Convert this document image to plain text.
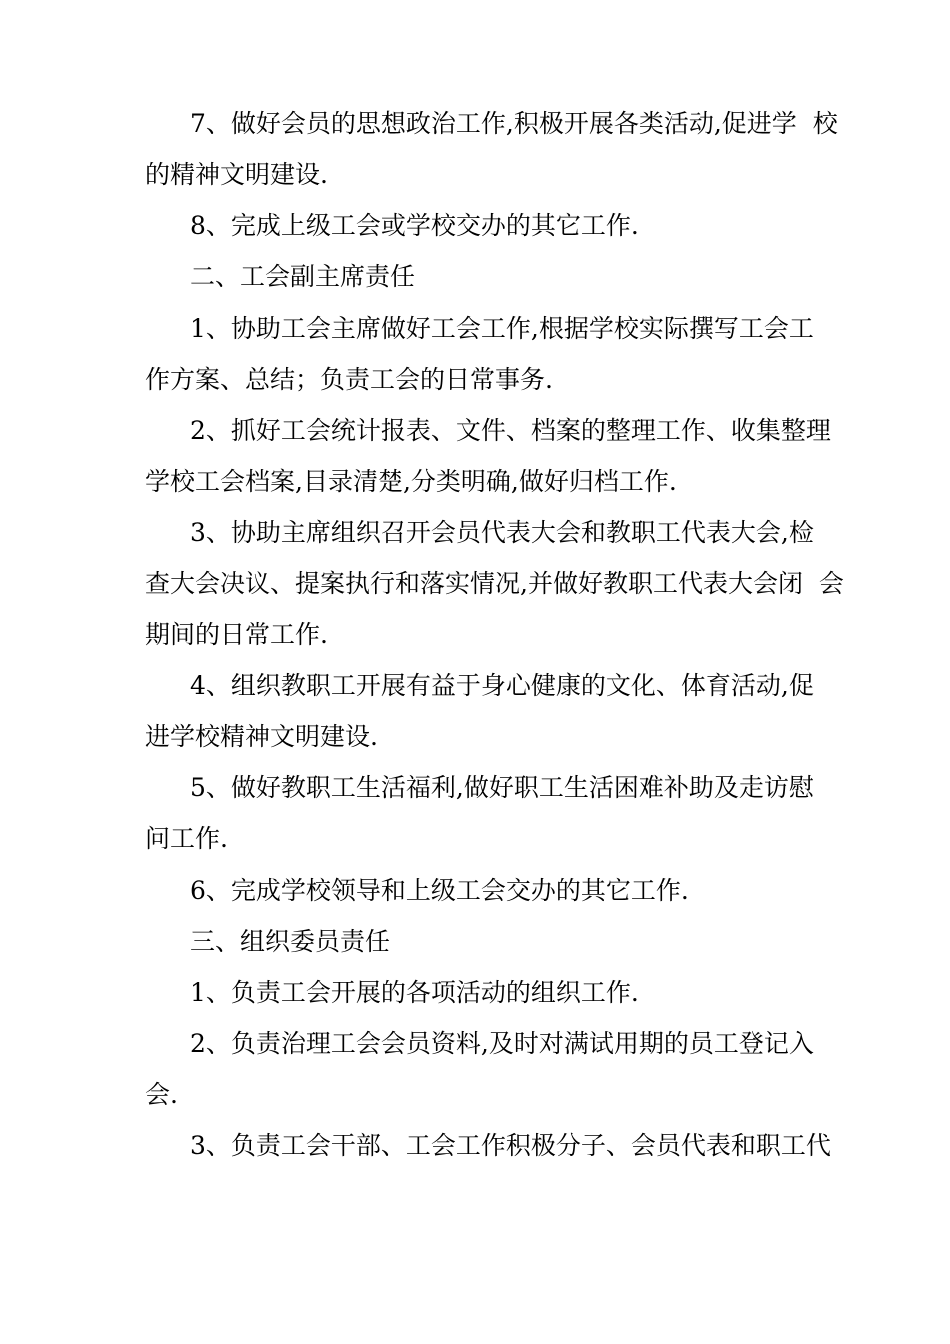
7、做好会员的思想政治工作,积极开展各类活动,促进学  校

的精神文明建设.

8、完成上级工会或学校交办的其它工作.

二、工会副主席责任

1、协助工会主席做好工会工作,根据学校实际撰写工会工

作方案、总结；负责工会的日常事务.

2、抓好工会统计报表、文件、档案的整理工作、收集整理

学校工会档案,目录清楚,分类明确,做好归档工作.

3、协助主席组织召开会员代表大会和教职工代表大会,检

查大会决议、提案执行和落实情况,并做好教职工代表大会闭  会

期间的日常工作.

4、组织教职工开展有益于身心健康的文化、体育活动,促

进学校精神文明建设.

5、做好教职工生活福利,做好职工生活困难补助及走访慰

问工作.

6、完成学校领导和上级工会交办的其它工作.

三、组织委员责任

1、负责工会开展的各项活动的组织工作.

2、负责治理工会会员资料,及时对满试用期的员工登记入

会.

3、负责工会干部、工会工作积极分子、会员代表和职工代
